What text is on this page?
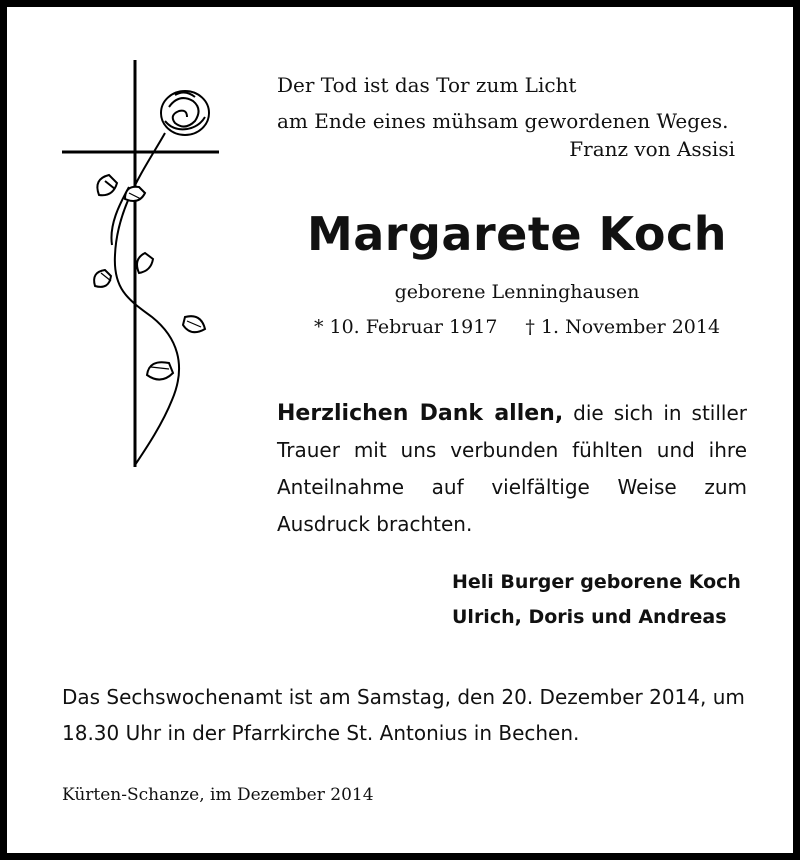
Der Tod ist das Tor zum Licht
am Ende eines mühsam gewordenen Weges.
Franz von Assisi
Margarete Koch
geborene Lenninghausen
* 10. Februar 1917 † 1. November 2014

Herzlichen Dank allen, die sich in stiller Trauer mit uns verbunden fühlten und ihre Anteilnahme auf vielfältige Weise zum Ausdruck brachten.

Heli Burger geborene Koch
Ulrich, Doris und Andreas

Das Sechswochenamt ist am Samstag, den 20. Dezember 2014, um 18.30 Uhr in der Pfarrkirche St. Antonius in Bechen.

Kürten-Schanze, im Dezember 2014
